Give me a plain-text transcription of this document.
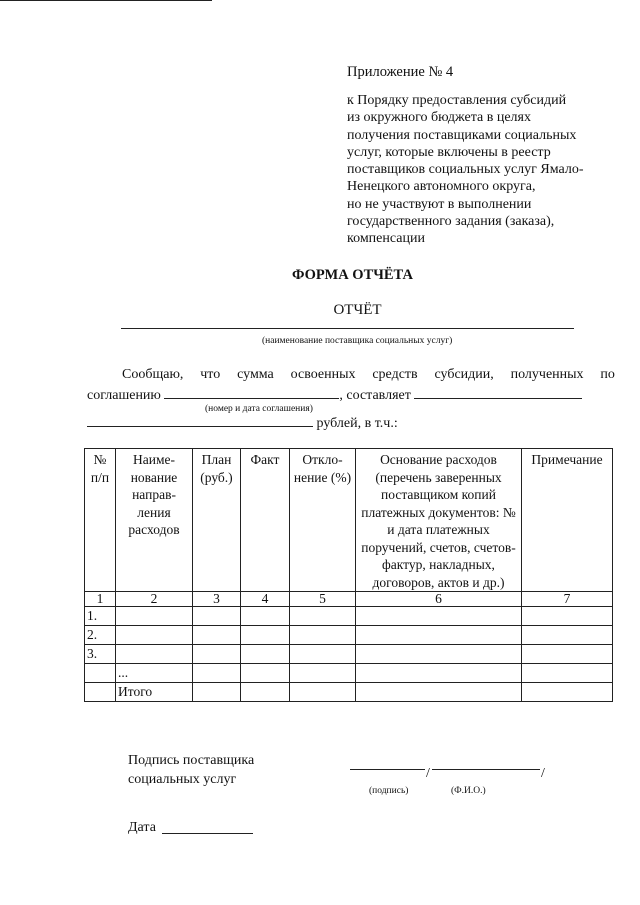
Приложение № 4
к Порядку предоставления субсидий
из окружного бюджета в целях
получения поставщиками социальных
услуг, которые включены в реестр
поставщиков социальных услуг Ямало-
Ненецкого автономного округа,
но не участвуют в выполнении
государственного задания (заказа),
компенсации
ФОРМА ОТЧЁТА
ОТЧЁТ
(наименование поставщика социальных услуг)
Сообщаю, что сумма освоенных средств субсидии, полученных по
соглашению	, составляет
(номер и дата соглашения)
рублей, в т.ч.:
№ п/п	Наиме- нование направ- ления расходов	План (руб.)	Факт	Откло- нение (%)	Основание расходов (перечень заверенных поставщиком копий платежных документов: № и дата платежных поручений, счетов, счетов-фактур, накладных, договоров, актов и др.)	Примечание
1	2	3	4	5	6	7
1.						
2.						
3.						
	...					
	Итого					
Подпись поставщика
социальных услуг	/	/
(подпись)	(Ф.И.О.)
Дата
